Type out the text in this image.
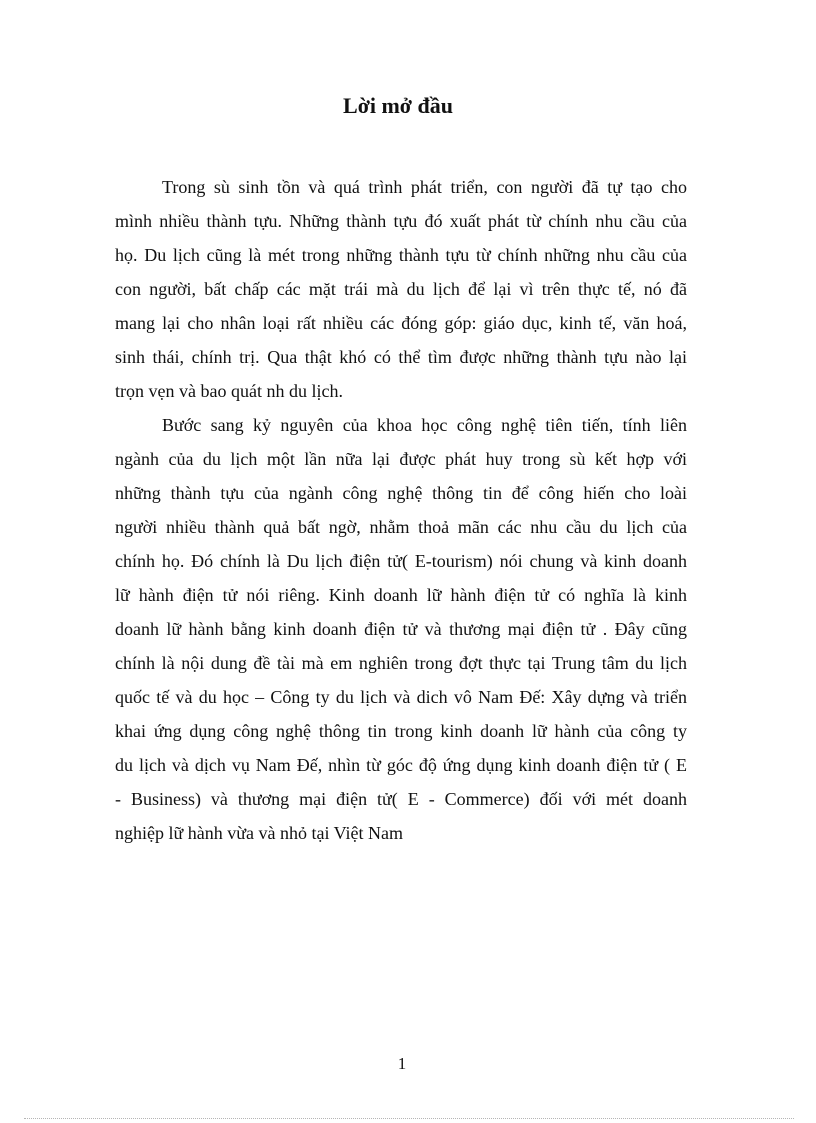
Lời mở đầu
Trong sù sinh tồn và quá trình phát triển, con người đã tự tạo cho
mình nhiều thành tựu. Những thành tựu đó xuất phát từ chính nhu cầu của
họ. Du lịch cũng là mét trong những thành tựu từ chính những nhu cầu của
con người, bất chấp các mặt trái mà du lịch để lại vì trên thực tế, nó đã
mang lại cho nhân loại rất nhiều các đóng góp: giáo dục, kinh tế, văn hoá,
sinh thái, chính trị. Qua thật khó có thể tìm được những thành tựu nào lại
trọn vẹn và bao quát nh du lịch.
Bước sang kỷ nguyên của khoa học công nghệ tiên tiến, tính liên
ngành của du lịch một lần nữa lại được phát huy trong sù kết hợp với
những thành tựu của ngành công nghệ thông tin để công hiến cho loài
người nhiều thành quả bất ngờ, nhằm thoả mãn các nhu cầu du lịch của
chính họ. Đó chính là Du lịch điện tử( E-tourism) nói chung và kinh doanh
lữ hành điện tử nói riêng. Kinh doanh lữ hành điện tử có nghĩa là kinh
doanh lữ hành bằng kinh doanh điện tử và thương mại điện tử . Đây cũng
chính là nội dung đề tài mà em nghiên trong đợt thực tại Trung tâm du lịch
quốc tế và du học – Công ty du lịch và dich vô Nam Đế: Xây dựng và triển
khai ứng dụng công nghệ thông tin trong kinh doanh lữ hành của công ty
du lịch và dịch vụ Nam Đế, nhìn từ góc độ ứng dụng kinh doanh điện tử ( E
- Business) và thương mại điện tử( E - Commerce) đối với mét doanh
nghiệp lữ hành vừa và nhỏ tại Việt Nam
1
